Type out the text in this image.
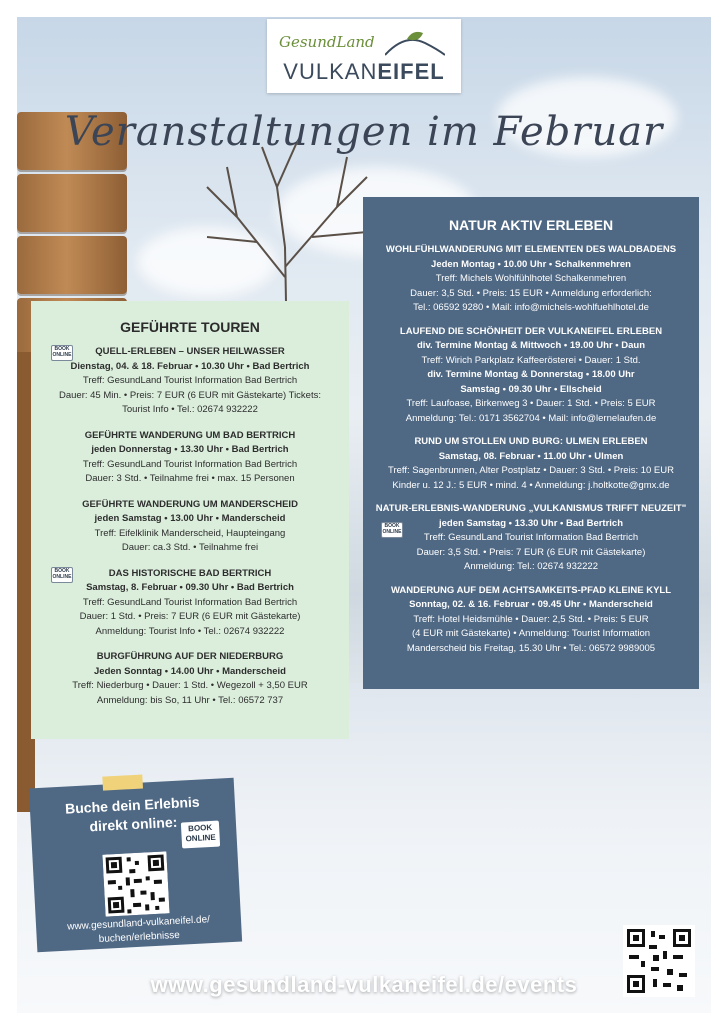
GesundLand
VULKANEIFEL
Veranstaltungen im Februar
GEFÜHRTE TOUREN
BOOK ONLINE	QUELL-ERLEBEN – UNSER HEILWASSER
Dienstag, 04. & 18. Februar • 10.30 Uhr • Bad Bertrich
Treff: GesundLand Tourist Information Bad Bertrich
Dauer: 45 Min. • Preis: 7 EUR (6 EUR mit Gästekarte) Tickets:
Tourist Info • Tel.: 02674 932222
GEFÜHRTE WANDERUNG UM BAD BERTRICH
jeden Donnerstag • 13.30 Uhr • Bad Bertrich
Treff: GesundLand Tourist Information Bad Bertrich
Dauer: 3 Std. • Teilnahme frei • max. 15 Personen
GEFÜHRTE WANDERUNG UM MANDERSCHEID
jeden Samstag • 13.00 Uhr • Manderscheid
Treff: Eifelklinik Manderscheid, Haupteingang
Dauer: ca.3 Std. • Teilnahme frei
BOOK ONLINE	DAS HISTORISCHE BAD BERTRICH
Samstag, 8. Februar • 09.30 Uhr • Bad Bertrich
Treff: GesundLand Tourist Information Bad Bertrich
Dauer: 1 Std. • Preis: 7 EUR (6 EUR mit Gästekarte)
Anmeldung: Tourist Info • Tel.: 02674 932222
BURGFÜHRUNG AUF DER NIEDERBURG
Jeden Sonntag • 14.00 Uhr • Manderscheid
Treff: Niederburg • Dauer: 1 Std. • Wegezoll + 3,50 EUR
Anmeldung: bis So, 11 Uhr • Tel.: 06572 737
NATUR AKTIV ERLEBEN
WOHLFÜHLWANDERUNG MIT ELEMENTEN DES WALDBADENS
Jeden Montag • 10.00 Uhr • Schalkenmehren
Treff: Michels Wohlfühlhotel Schalkenmehren
Dauer: 3,5 Std. • Preis: 15 EUR • Anmeldung erforderlich:
Tel.: 06592 9280 • Mail: info@michels-wohlfuehlhotel.de
LAUFEND DIE SCHÖNHEIT DER VULKANEIFEL ERLEBEN
div. Termine Montag & Mittwoch • 19.00 Uhr • Daun
Treff: Wirich Parkplatz Kaffeerösterei • Dauer: 1 Std.
div. Termine Montag & Donnerstag • 18.00 Uhr
Samstag • 09.30 Uhr • Ellscheid
Treff: Laufoase, Birkenweg 3 • Dauer: 1 Std. • Preis: 5 EUR
Anmeldung: Tel.: 0171 3562704 • Mail: info@lernelaufen.de
RUND UM STOLLEN UND BURG: ULMEN ERLEBEN
Samstag, 08. Februar • 11.00 Uhr • Ulmen
Treff: Sagenbrunnen, Alter Postplatz • Dauer: 3 Std. • Preis: 10 EUR
Kinder u. 12 J.: 5 EUR • mind. 4 • Anmeldung: j.holtkotte@gmx.de
BOOK ONLINE
NATUR-ERLEBNIS-WANDERUNG „VULKANISMUS TRIFFT NEUZEIT"
jeden Samstag • 13.30 Uhr • Bad Bertrich
Treff: GesundLand Tourist Information Bad Bertrich
Dauer: 3,5 Std. • Preis: 7 EUR (6 EUR mit Gästekarte)
Anmeldung: Tel.: 02674 932222
WANDERUNG AUF DEM ACHTSAMKEITS-PFAD KLEINE KYLL
Sonntag, 02. & 16. Februar • 09.45 Uhr • Manderscheid
Treff: Hotel Heidsmühle • Dauer: 2,5 Std. • Preis: 5 EUR
(4 EUR mit Gästekarte) • Anmeldung: Tourist Information
Manderscheid bis Freitag, 15.30 Uhr • Tel.: 06572 9989005
Buche dein Erlebnis
direkt online:	BOOK ONLINE
www.gesundland-vulkaneifel.de/
buchen/erlebnisse
www.gesundland-vulkaneifel.de/events
